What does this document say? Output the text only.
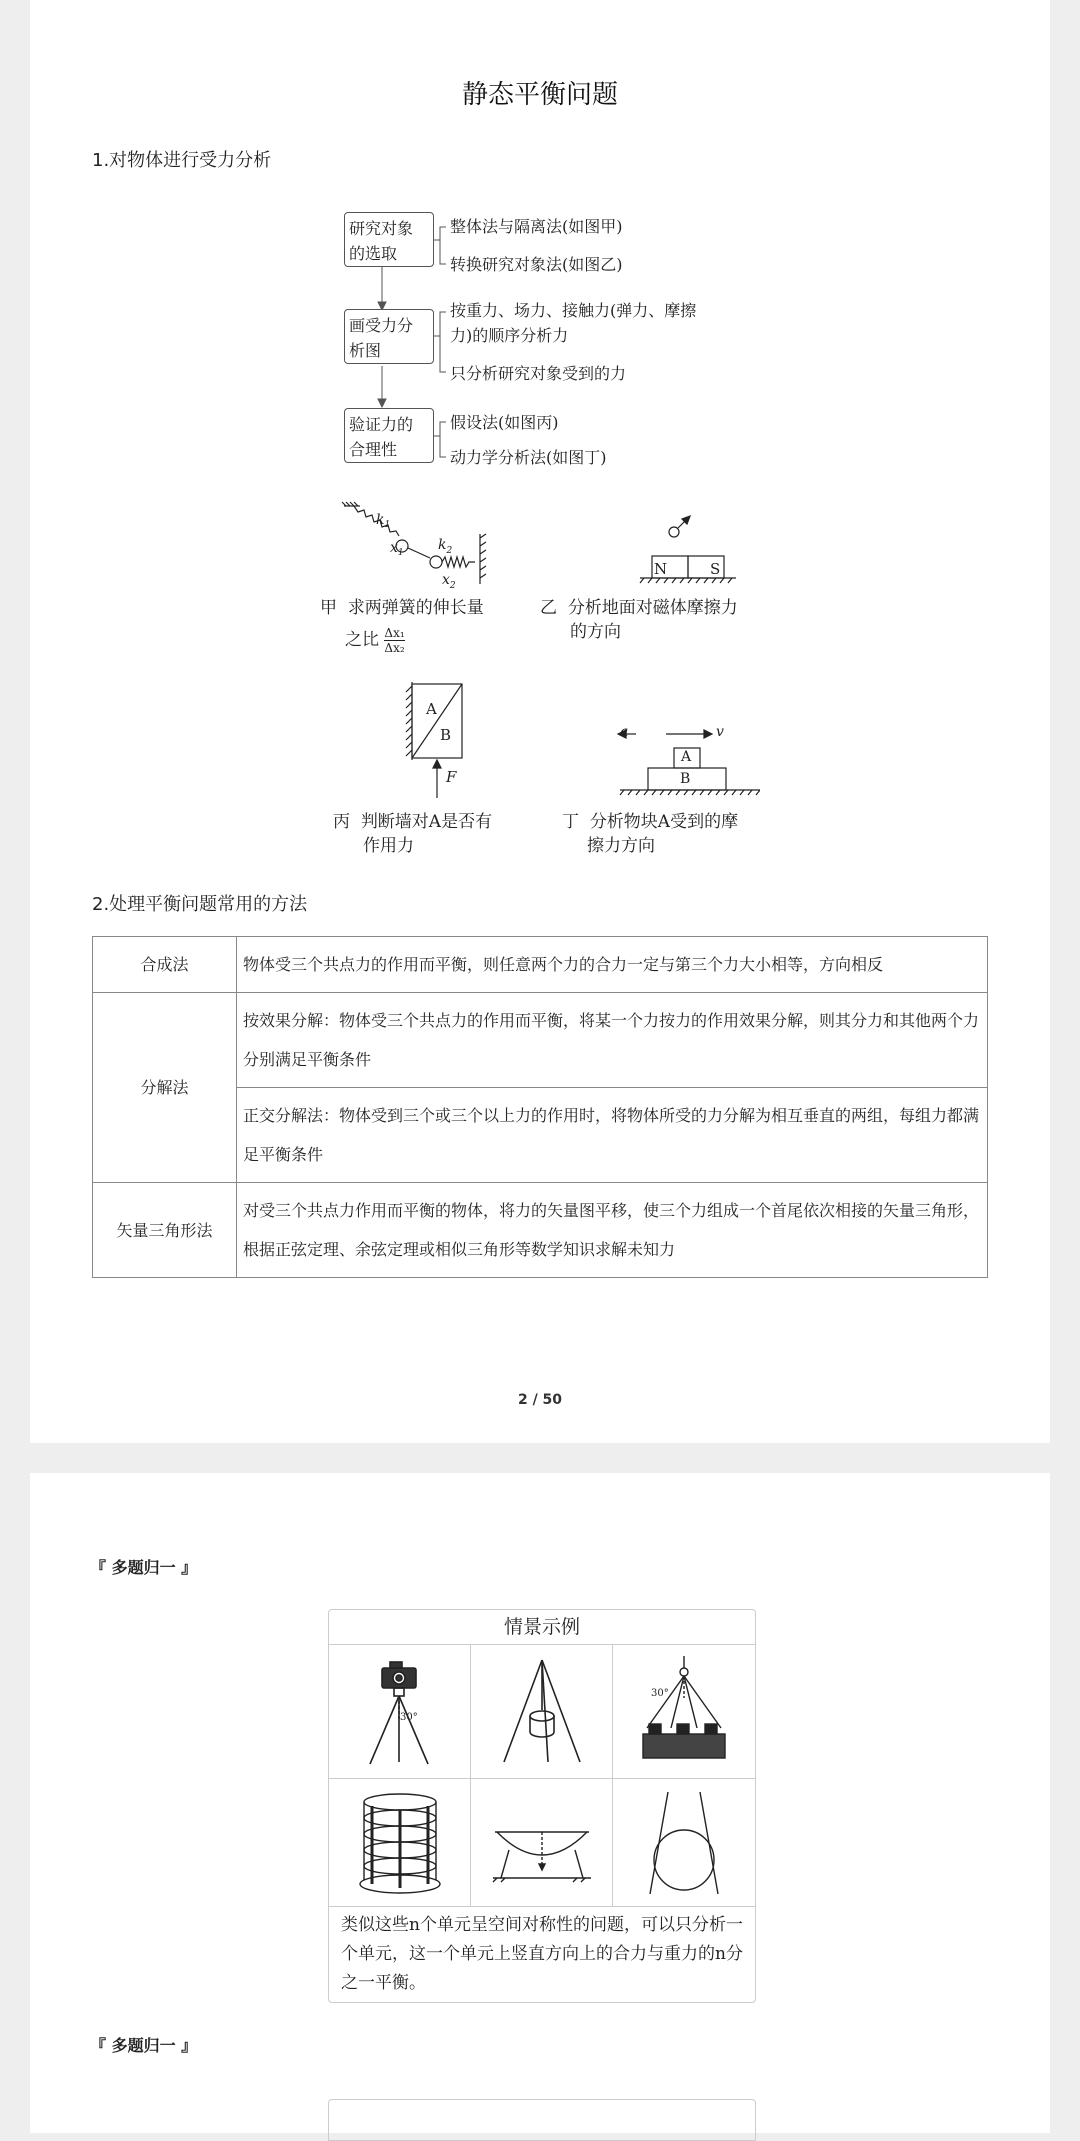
静态平衡问题
1.对物体进行受力分析
研究对象
的选取
整体法与隔离法(如图甲)
转换研究对象法(如图乙)
画受力分
析图
按重力、场力、接触力(弹力、摩擦
力)的顺序分析力
只分析研究对象受到的力
验证力的
合理性
假设法(如图丙)
动力学分析法(如图丁)
$k_1$
$x_1$ $k_2$
$x_2$
甲 求两弹簧的伸长量
之比 $\frac{\text{Δx₁}}{\text{Δx₂}}$
N	S
乙 分析地面对磁体摩擦力
的方向
A
B
F
丙 判断墙对A是否有
作用力
a	v
A
B
丁 分析物块A受到的摩
擦力方向
2.处理平衡问题常用的方法
合成法	物体受三个共点力的作用而平衡，则任意两个力的合力一定与第三个力大小相等，方向相反
分解法	按效果分解：物体受三个共点力的作用而平衡，将某一个力按力的作用效果分解，则其分力和其他两个力分别满足平衡条件
	正交分解法：物体受到三个或三个以上力的作用时，将物体所受的力分解为相互垂直的两组，每组力都满足平衡条件
矢量三角形法	对受三个共点力作用而平衡的物体，将力的矢量图平移，使三个力组成一个首尾依次相接的矢量三角形，根据正弦定理、余弦定理或相似三角形等数学知识求解未知力
2 / 50
『 多题归一 』
情景示例
30°
30°
类似这些n个单元呈空间对称性的问题，可以只分析一个单元，这一个单元上竖直方向上的合力与重力的n分之一平衡。
『 多题归一 』
